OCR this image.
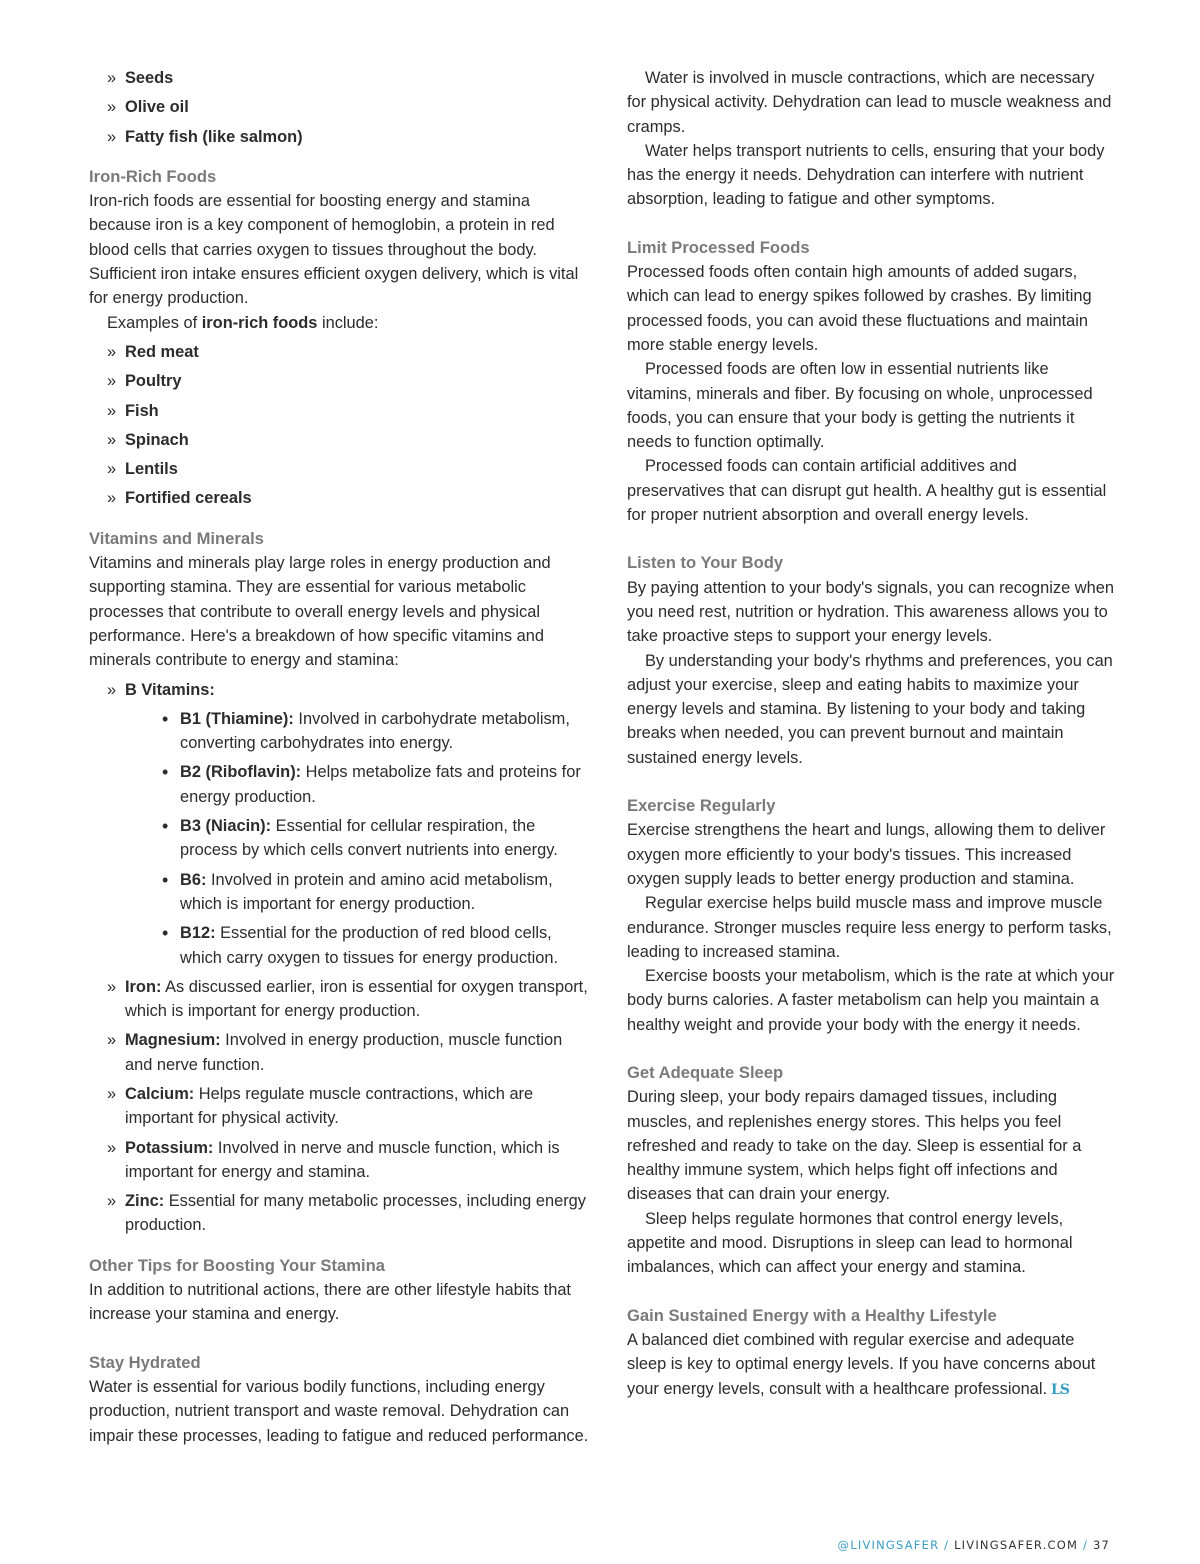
» Seeds
» Olive oil
» Fatty fish (like salmon)
Iron-Rich Foods

Iron-rich foods are essential for boosting energy and stamina because iron is a key component of hemoglobin, a protein in red blood cells that carries oxygen to tissues throughout the body. Sufficient iron intake ensures efficient oxygen delivery, which is vital for energy production.

Examples of iron-rich foods include:

» Red meat
» Poultry
» Fish
» Spinach
» Lentils
» Fortified cereals
Vitamins and Minerals

Vitamins and minerals play large roles in energy production and supporting stamina. They are essential for various metabolic processes that contribute to overall energy levels and physical performance. Here's a breakdown of how specific vitamins and minerals contribute to energy and stamina:

» B Vitamins:
• B1 (Thiamine): Involved in carbohydrate metabolism, converting carbohydrates into energy.
• B2 (Riboflavin): Helps metabolize fats and proteins for energy production.
• B3 (Niacin): Essential for cellular respiration, the process by which cells convert nutrients into energy.
• B6: Involved in protein and amino acid metabolism, which is important for energy production.
• B12: Essential for the production of red blood cells, which carry oxygen to tissues for energy production.
» Iron: As discussed earlier, iron is essential for oxygen transport, which is important for energy production.
» Magnesium: Involved in energy production, muscle function and nerve function.
» Calcium: Helps regulate muscle contractions, which are important for physical activity.
» Potassium: Involved in nerve and muscle function, which is important for energy and stamina.
» Zinc: Essential for many metabolic processes, including energy production.
Other Tips for Boosting Your Stamina

In addition to nutritional actions, there are other lifestyle habits that increase your stamina and energy.

Stay Hydrated

Water is essential for various bodily functions, including energy production, nutrient transport and waste removal. Dehydration can impair these processes, leading to fatigue and reduced performance.

Water is involved in muscle contractions, which are necessary for physical activity. Dehydration can lead to muscle weakness and cramps.

Water helps transport nutrients to cells, ensuring that your body has the energy it needs. Dehydration can interfere with nutrient absorption, leading to fatigue and other symptoms.

Limit Processed Foods

Processed foods often contain high amounts of added sugars, which can lead to energy spikes followed by crashes. By limiting processed foods, you can avoid these fluctuations and maintain more stable energy levels.

Processed foods are often low in essential nutrients like vitamins, minerals and fiber. By focusing on whole, unprocessed foods, you can ensure that your body is getting the nutrients it needs to function optimally.

Processed foods can contain artificial additives and preservatives that can disrupt gut health. A healthy gut is essential for proper nutrient absorption and overall energy levels.

Listen to Your Body

By paying attention to your body's signals, you can recognize when you need rest, nutrition or hydration. This awareness allows you to take proactive steps to support your energy levels.

By understanding your body's rhythms and preferences, you can adjust your exercise, sleep and eating habits to maximize your energy levels and stamina. By listening to your body and taking breaks when needed, you can prevent burnout and maintain sustained energy levels.

Exercise Regularly

Exercise strengthens the heart and lungs, allowing them to deliver oxygen more efficiently to your body's tissues. This increased oxygen supply leads to better energy production and stamina.

Regular exercise helps build muscle mass and improve muscle endurance. Stronger muscles require less energy to perform tasks, leading to increased stamina.

Exercise boosts your metabolism, which is the rate at which your body burns calories. A faster metabolism can help you maintain a healthy weight and provide your body with the energy it needs.

Get Adequate Sleep

During sleep, your body repairs damaged tissues, including muscles, and replenishes energy stores. This helps you feel refreshed and ready to take on the day. Sleep is essential for a healthy immune system, which helps fight off infections and diseases that can drain your energy.

Sleep helps regulate hormones that control energy levels, appetite and mood. Disruptions in sleep can lead to hormonal imbalances, which can affect your energy and stamina.

Gain Sustained Energy with a Healthy Lifestyle

A balanced diet combined with regular exercise and adequate sleep is key to optimal energy levels. If you have concerns about your energy levels, consult with a healthcare professional. LS

@LIVINGSAFER / LIVINGSAFER.COM / 37
